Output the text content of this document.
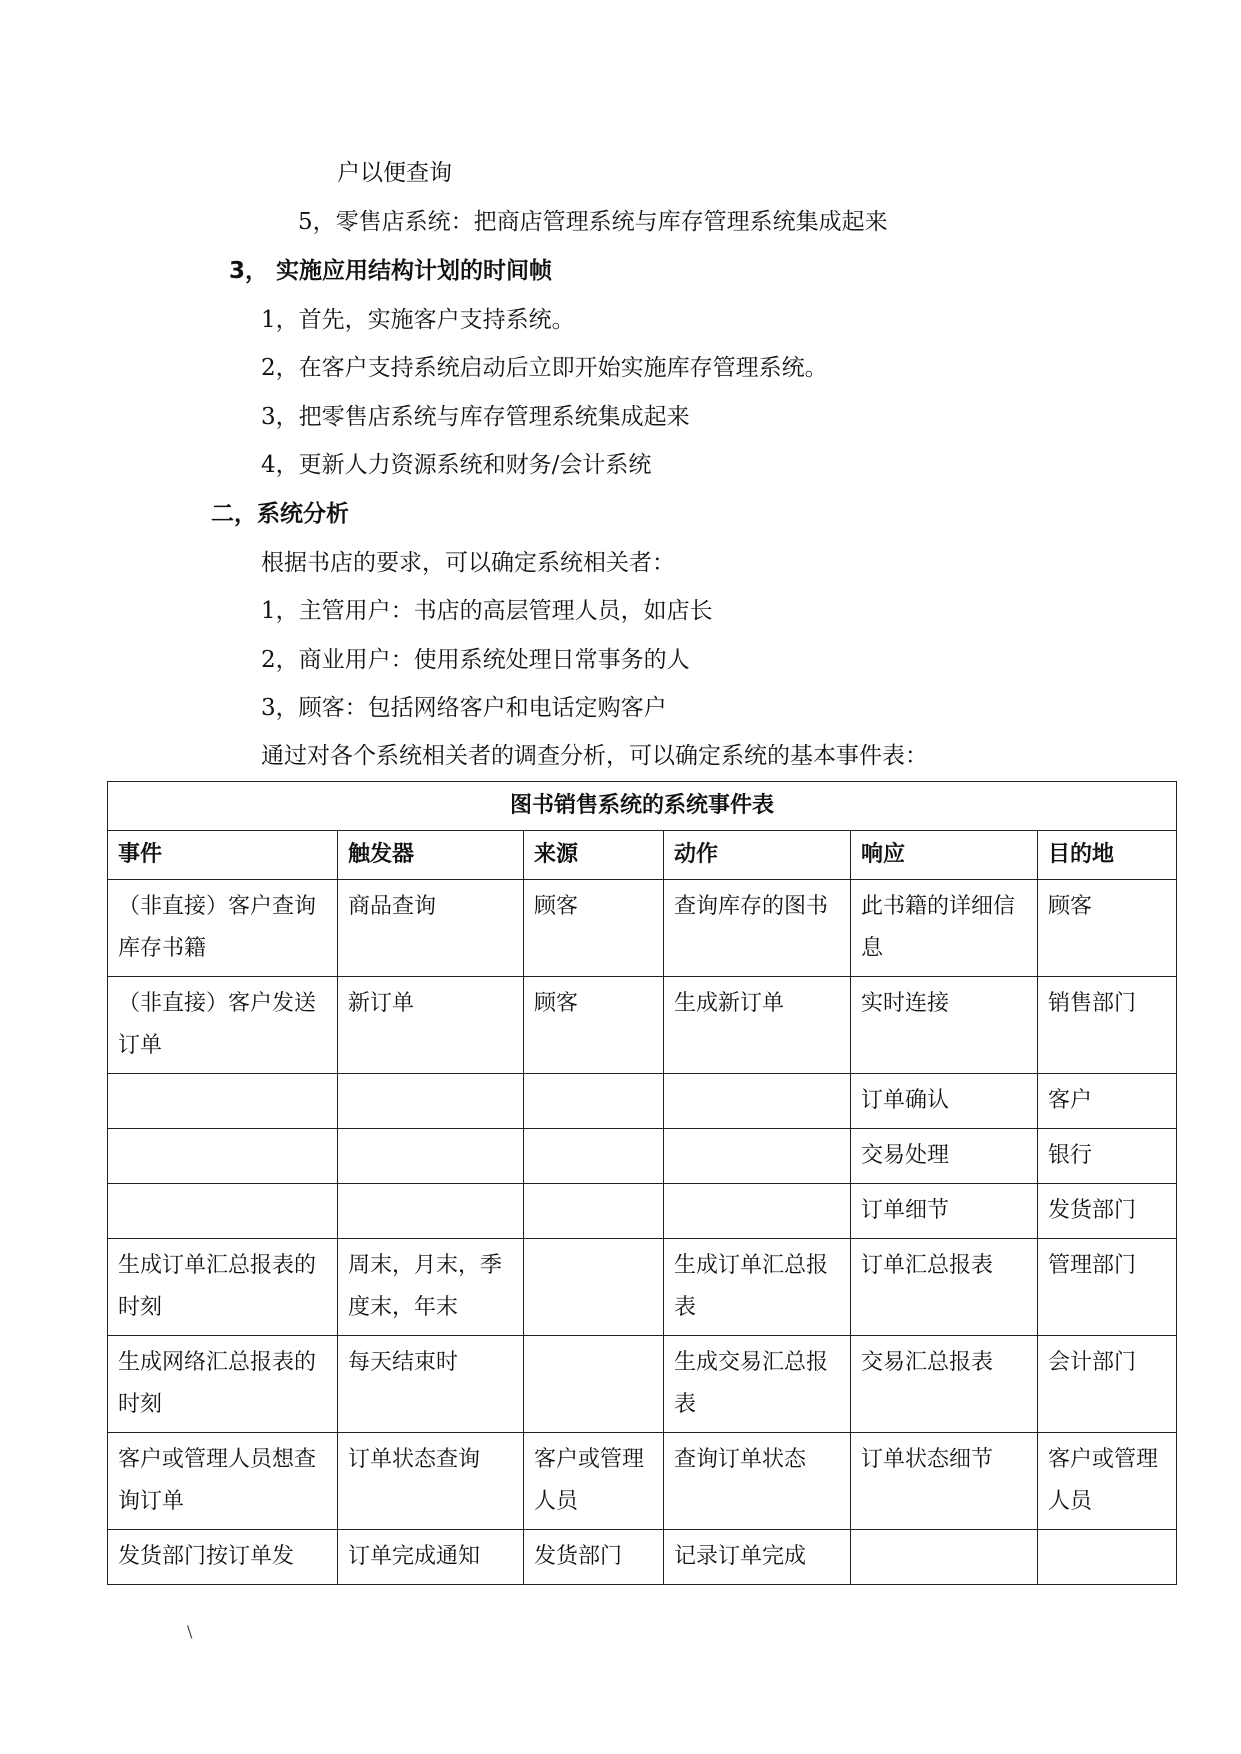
户以便查询
5，零售店系统：把商店管理系统与库存管理系统集成起来
3， 实施应用结构计划的时间帧
1，首先，实施客户支持系统。
2，在客户支持系统启动后立即开始实施库存管理系统。
3，把零售店系统与库存管理系统集成起来
4，更新人力资源系统和财务/会计系统
二，系统分析
根据书店的要求，可以确定系统相关者：
1，主管用户：书店的高层管理人员，如店长
2，商业用户：使用系统处理日常事务的人
3，顾客：包括网络客户和电话定购客户
通过对各个系统相关者的调查分析，可以确定系统的基本事件表：
图书销售系统的系统事件表					
事件	触发器	来源	动作	响应	目的地
（非直接）客户查询库存书籍	商品查询	顾客	查询库存的图书	此书籍的详细信息	顾客
（非直接）客户发送订单	新订单	顾客	生成新订单	实时连接	销售部门
				订单确认	客户
				交易处理	银行
				订单细节	发货部门
生成订单汇总报表的时刻	周末，月末，季度末，年末		生成订单汇总报表	订单汇总报表	管理部门
生成网络汇总报表的时刻	每天结束时		生成交易汇总报表	交易汇总报表	会计部门
客户或管理人员想查询订单	订单状态查询	客户或管理人员	查询订单状态	订单状态细节	客户或管理人员
发货部门按订单发	订单完成通知	发货部门	记录订单完成		
\
